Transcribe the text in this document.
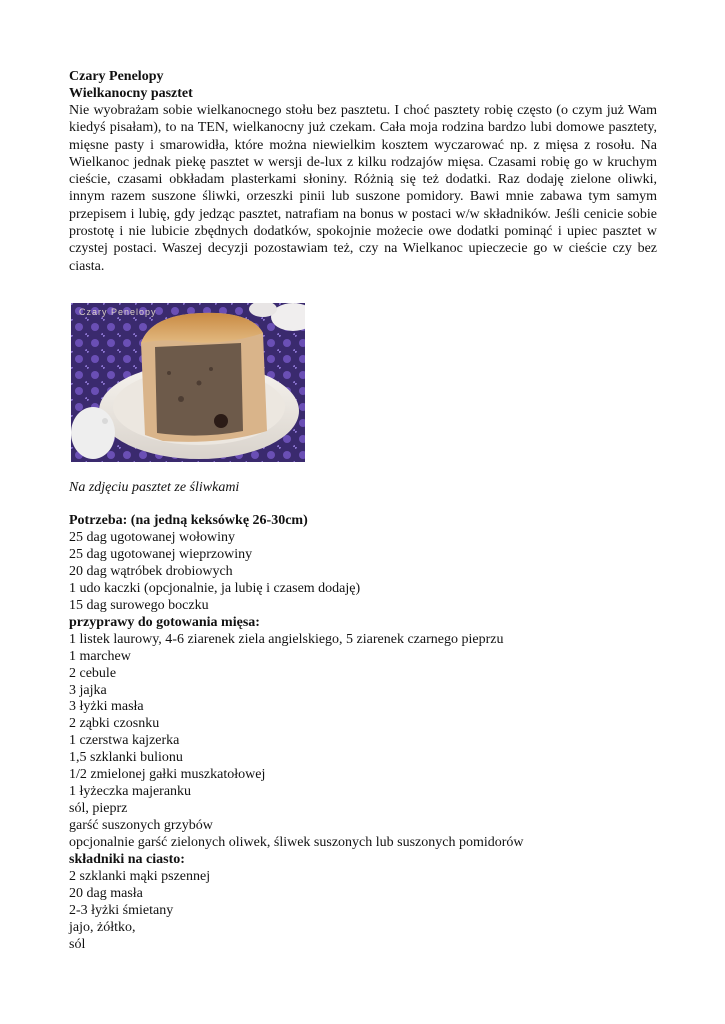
Czary Penelopy
Wielkanocny pasztet

Nie wyobrażam sobie wielkanocnego stołu bez pasztetu. I choć pasztety robię często (o czym już Wam kiedyś pisałam), to na TEN, wielkanocny już czekam. Cała moja rodzina bardzo lubi domowe pasztety, mięsne pasty i smarowidła, które można niewielkim kosztem wyczarować np. z mięsa z rosołu. Na Wielkanoc jednak piekę pasztet w wersji de-lux z kilku rodzajów mięsa. Czasami robię go w kruchym cieście, czasami obkładam plasterkami słoniny. Różnią się też dodatki. Raz dodaję zielone oliwki, innym razem suszone śliwki, orzeszki pinii lub suszone pomidory. Bawi mnie zabawa tym samym przepisem i lubię, gdy jedząc pasztet, natrafiam na bonus w postaci w/w składników. Jeśli cenicie sobie prostotę i nie lubicie zbędnych dodatków, spokojnie możecie owe dodatki pominąć i upiec pasztet w czystej postaci. Waszej decyzji pozostawiam też, czy na Wielkanoc upieczecie go w cieście czy bez ciasta.

Czary Penelopy
Na zdjęciu pasztet ze śliwkami
Potrzeba: (na jedną keksówkę 26-30cm)
25 dag ugotowanej wołowiny
25 dag ugotowanej wieprzowiny
20 dag wątróbek drobiowych
1 udo kaczki (opcjonalnie, ja lubię i czasem dodaję)
15 dag surowego boczku
przyprawy do gotowania mięsa:
1 listek laurowy, 4-6 ziarenek ziela angielskiego, 5 ziarenek czarnego pieprzu
1 marchew
2 cebule
3 jajka
3 łyżki masła
2 ząbki czosnku
1 czerstwa kajzerka
1,5 szklanki bulionu
1/2 zmielonej gałki muszkatołowej
1 łyżeczka majeranku
sól, pieprz
garść suszonych grzybów
opcjonalnie garść zielonych oliwek, śliwek suszonych lub suszonych pomidorów
składniki na ciasto:
2 szklanki mąki pszennej
20 dag masła
2-3 łyżki śmietany
jajo, żółtko,
sól
